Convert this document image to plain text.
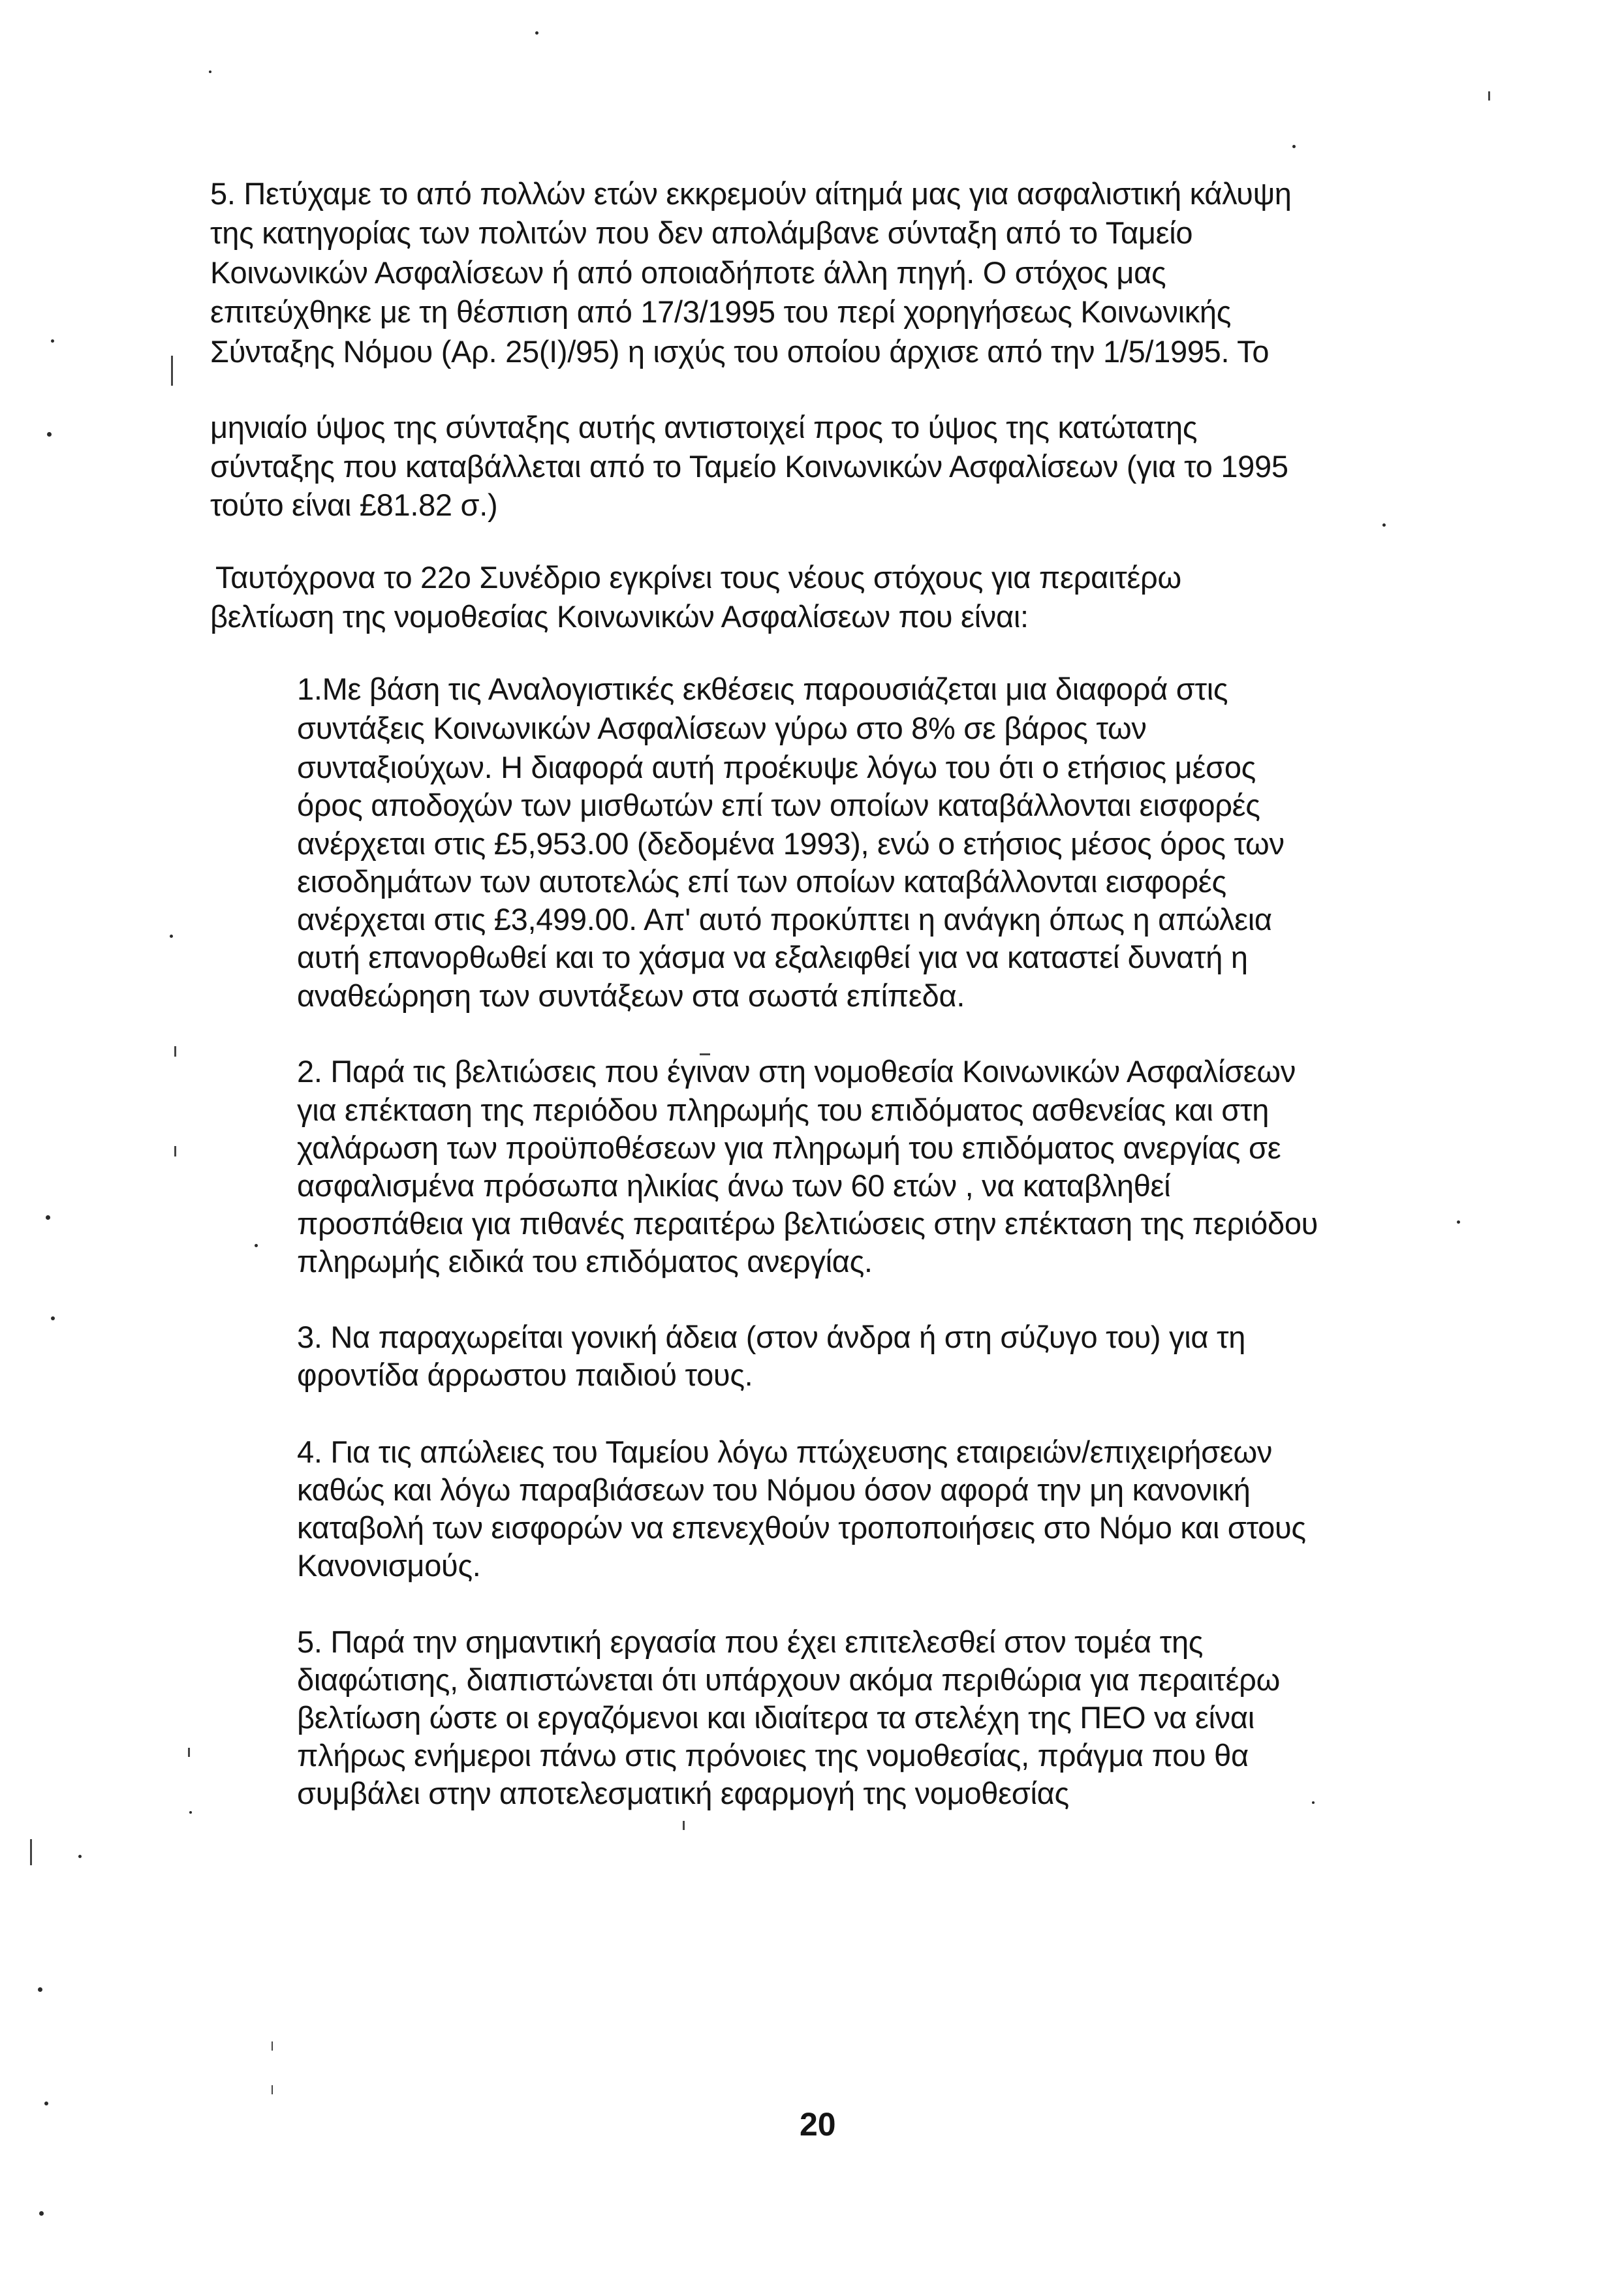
5. Πετύχαμε το από πολλών ετών εκκρεμούν αίτημά μας για ασφαλιστική κάλυψη

της κατηγορίας των πολιτών που δεν απολάμβανε σύνταξη από το Ταμείο

Κοινωνικών Ασφαλίσεων ή από οποιαδήποτε άλλη πηγή. Ο στόχος μας

επιτεύχθηκε με τη θέσπιση από 17/3/1995 του περί χορηγήσεως Κοινωνικής

Σύνταξης Νόμου (Αρ. 25(Ι)/95) η ισχύς του οποίου άρχισε από την 1/5/1995. Το

μηνιαίο ύψος της σύνταξης αυτής αντιστοιχεί προς το ύψος της κατώτατης

σύνταξης που καταβάλλεται από το Ταμείο Κοινωνικών Ασφαλίσεων (για το 1995

τούτο είναι £81.82 σ.)

Ταυτόχρονα το 22ο Συνέδριο εγκρίνει τους νέους στόχους για περαιτέρω

βελτίωση της νομοθεσίας Κοινωνικών Ασφαλίσεων που είναι:

1.Με βάση τις Αναλογιστικές εκθέσεις παρουσιάζεται μια διαφορά στις

συντάξεις Κοινωνικών Ασφαλίσεων γύρω στο 8% σε βάρος των

συνταξιούχων. Η διαφορά αυτή προέκυψε λόγω του ότι ο ετήσιος μέσος

όρος αποδοχών των μισθωτών επί των οποίων καταβάλλονται εισφορές

ανέρχεται στις £5,953.00 (δεδομένα 1993), ενώ ο ετήσιος μέσος όρος των

εισοδημάτων των αυτοτελώς επί των οποίων καταβάλλονται εισφορές

ανέρχεται στις £3,499.00. Απ' αυτό προκύπτει η ανάγκη όπως η απώλεια

αυτή επανορθωθεί και το χάσμα να εξαλειφθεί για να καταστεί δυνατή η

αναθεώρηση των συντάξεων στα σωστά επίπεδα.

2. Παρά τις βελτιώσεις που έγιναν στη νομοθεσία Κοινωνικών Ασφαλίσεων

για επέκταση της περιόδου πληρωμής του επιδόματος ασθενείας και στη

χαλάρωση των προϋποθέσεων για πληρωμή του επιδόματος ανεργίας σε

ασφαλισμένα πρόσωπα ηλικίας άνω των 60 ετών , να καταβληθεί

προσπάθεια για πιθανές περαιτέρω βελτιώσεις στην επέκταση της περιόδου

πληρωμής ειδικά του επιδόματος ανεργίας.

3. Να παραχωρείται γονική άδεια (στον άνδρα ή στη σύζυγο του) για τη

φροντίδα άρρωστου παιδιού τους.

4. Για τις απώλειες του Ταμείου λόγω πτώχευσης εταιρειών/επιχειρήσεων

καθώς και λόγω παραβιάσεων του Νόμου όσον αφορά την μη κανονική

καταβολή των εισφορών να επενεχθούν τροποποιήσεις στο Νόμο και στους

Κανονισμούς.

5. Παρά την σημαντική εργασία που έχει επιτελεσθεί στον τομέα της

διαφώτισης, διαπιστώνεται ότι υπάρχουν ακόμα περιθώρια για περαιτέρω

βελτίωση ώστε οι εργαζόμενοι και ιδιαίτερα τα στελέχη της ΠΕΟ να είναι

πλήρως ενήμεροι πάνω στις πρόνοιες της νομοθεσίας, πράγμα που θα

συμβάλει στην αποτελεσματική εφαρμογή της νομοθεσίας

20
